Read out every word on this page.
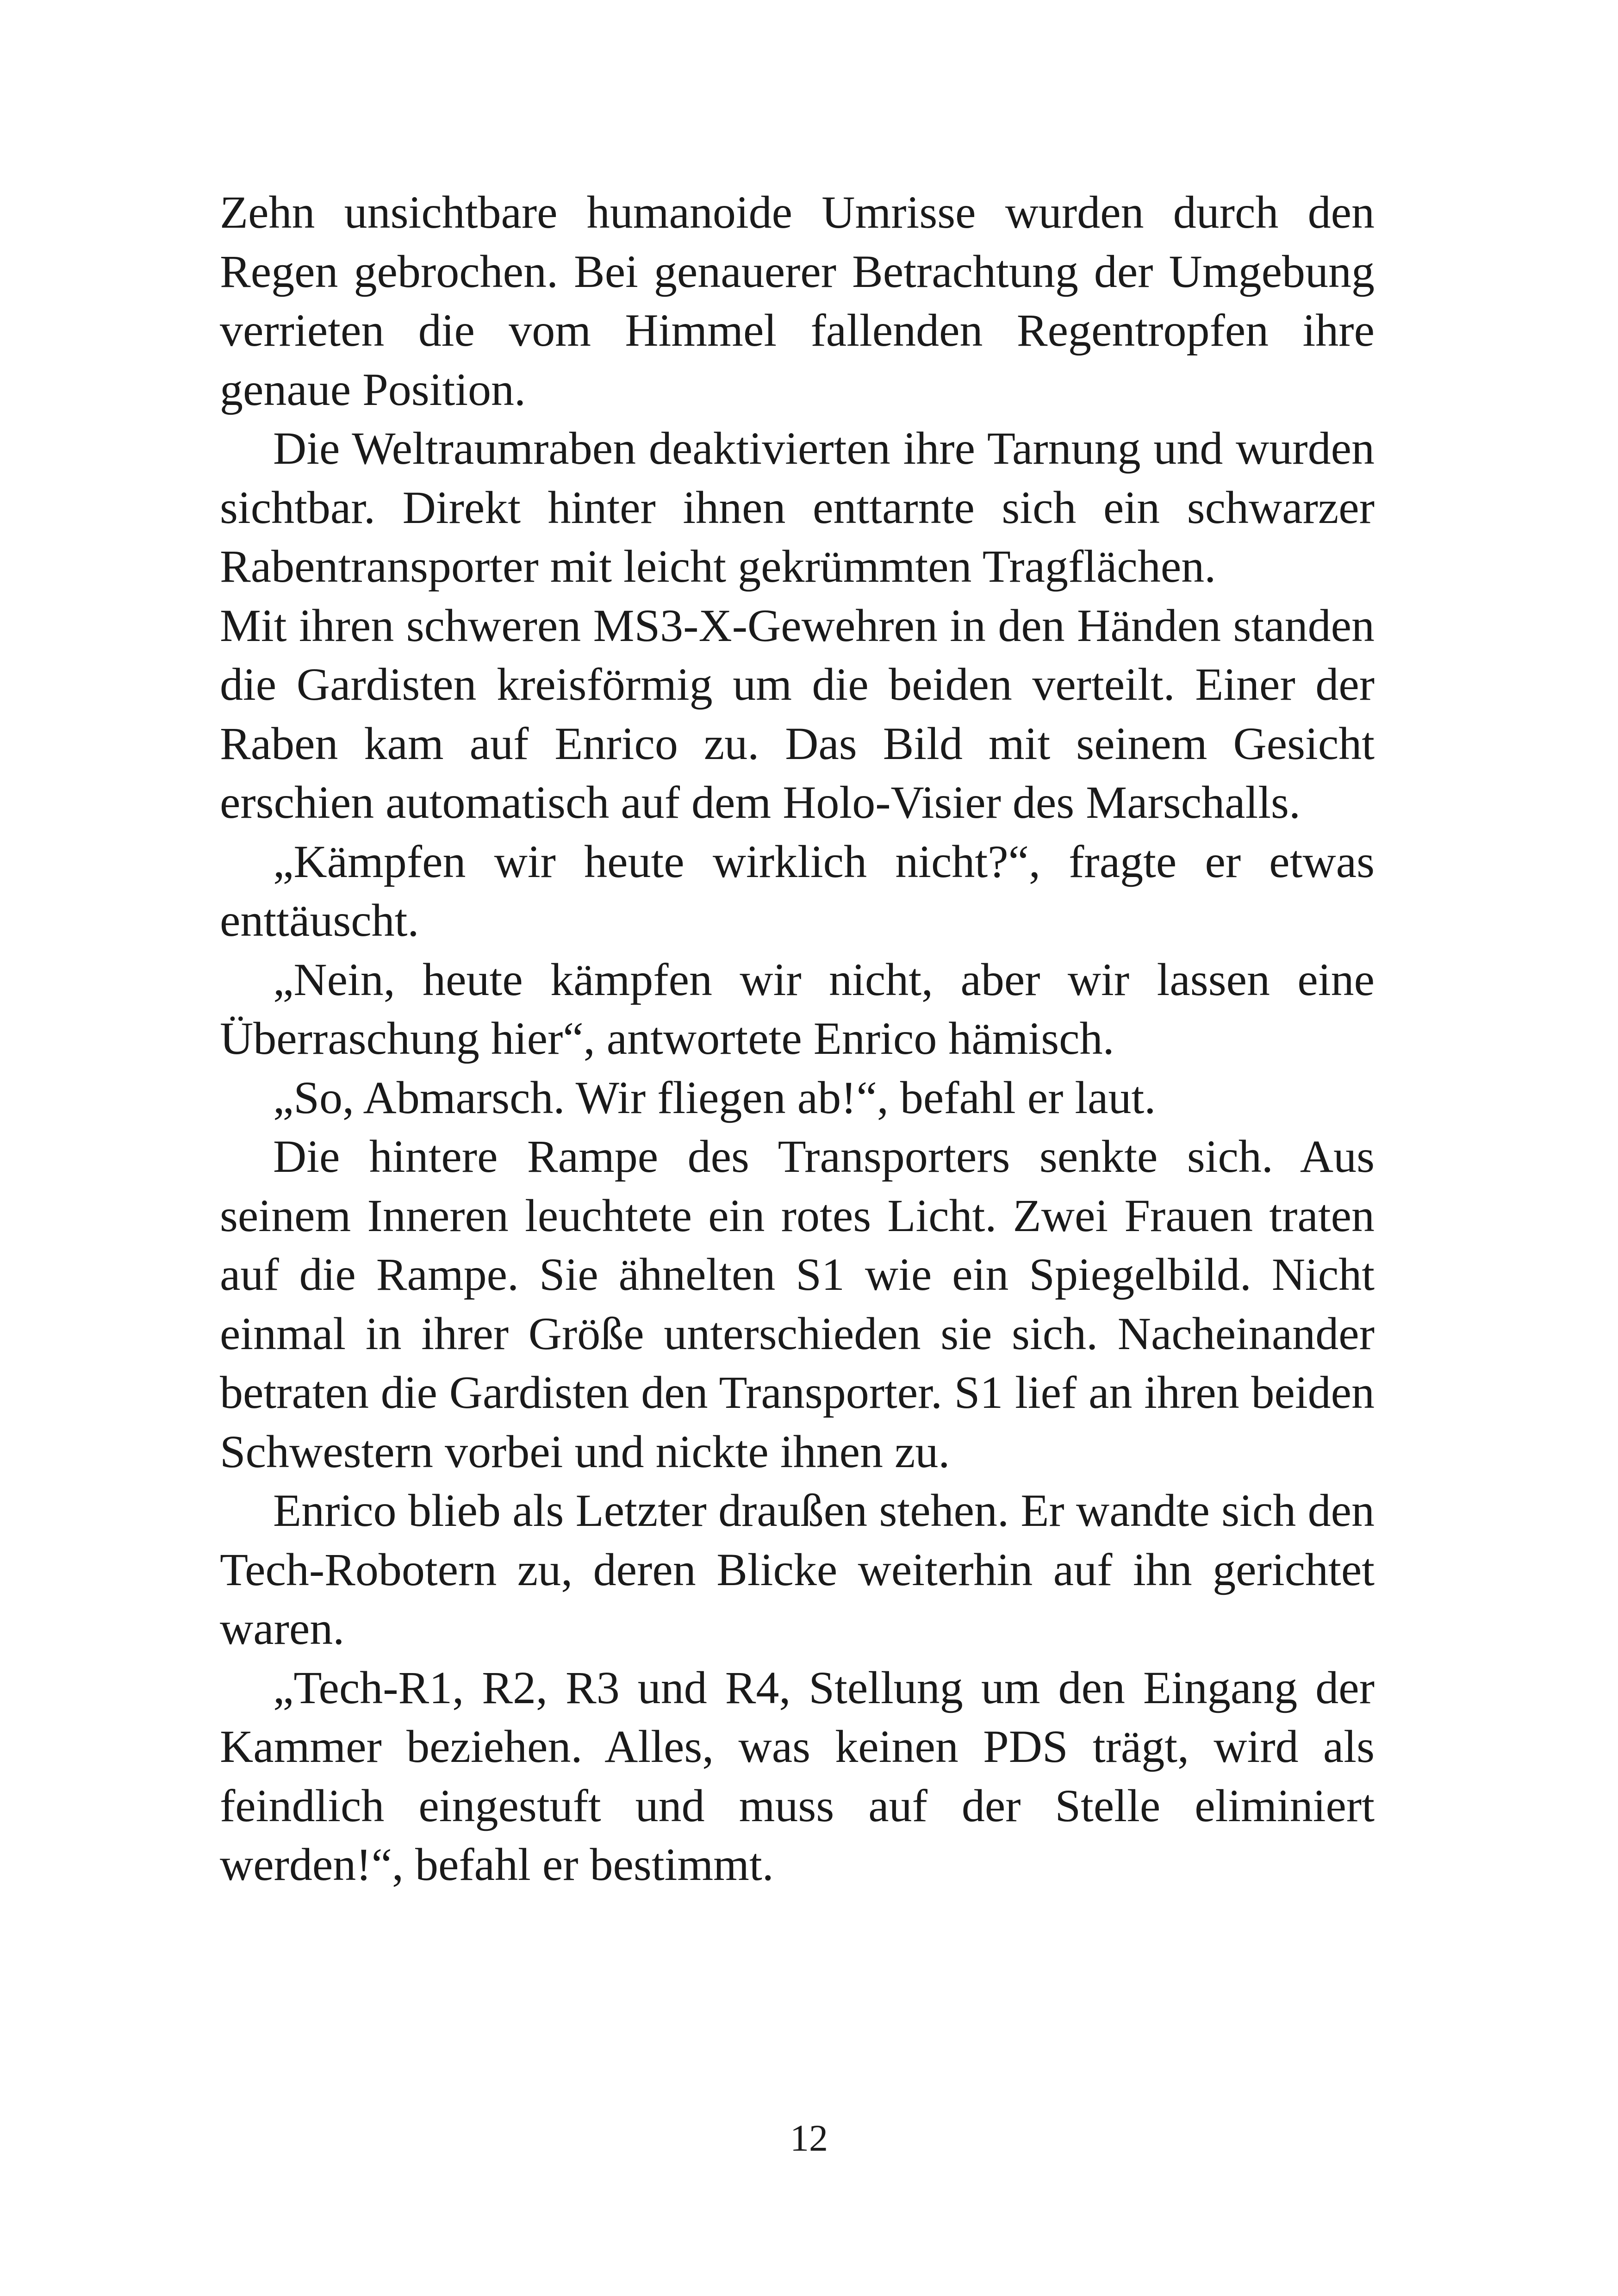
Zehn unsichtbare humanoide Umrisse wurden durch den Regen gebrochen. Bei genauerer Betrachtung der Umgebung verrieten die vom Himmel fallenden Regentropfen ihre genaue Position.

Die Weltraumraben deaktivierten ihre Tarnung und wurden sichtbar. Direkt hinter ihnen enttarnte sich ein schwarzer Rabentransporter mit leicht gekrümmten Tragflächen.

Mit ihren schweren MS3-X-Gewehren in den Händen standen die Gardisten kreisförmig um die beiden verteilt. Einer der Raben kam auf Enrico zu. Das Bild mit seinem Gesicht erschien automatisch auf dem Holo-Visier des Marschalls.

„Kämpfen wir heute wirklich nicht?“, fragte er etwas enttäuscht.

„Nein, heute kämpfen wir nicht, aber wir lassen eine Überraschung hier“, antwortete Enrico hämisch.

„So, Abmarsch. Wir fliegen ab!“, befahl er laut.

Die hintere Rampe des Transporters senkte sich. Aus seinem Inneren leuchtete ein rotes Licht. Zwei Frauen traten auf die Rampe. Sie ähnelten S1 wie ein Spiegelbild. Nicht einmal in ihrer Größe unterschieden sie sich. Nacheinander betraten die Gardisten den Transporter. S1 lief an ihren beiden Schwestern vorbei und nickte ihnen zu.

Enrico blieb als Letzter draußen stehen. Er wandte sich den Tech-Robotern zu, deren Blicke weiterhin auf ihn gerichtet waren.

„Tech-R1, R2, R3 und R4, Stellung um den Eingang der Kammer beziehen. Alles, was keinen PDS trägt, wird als feindlich eingestuft und muss auf der Stelle eliminiert werden!“, befahl er bestimmt.

12
